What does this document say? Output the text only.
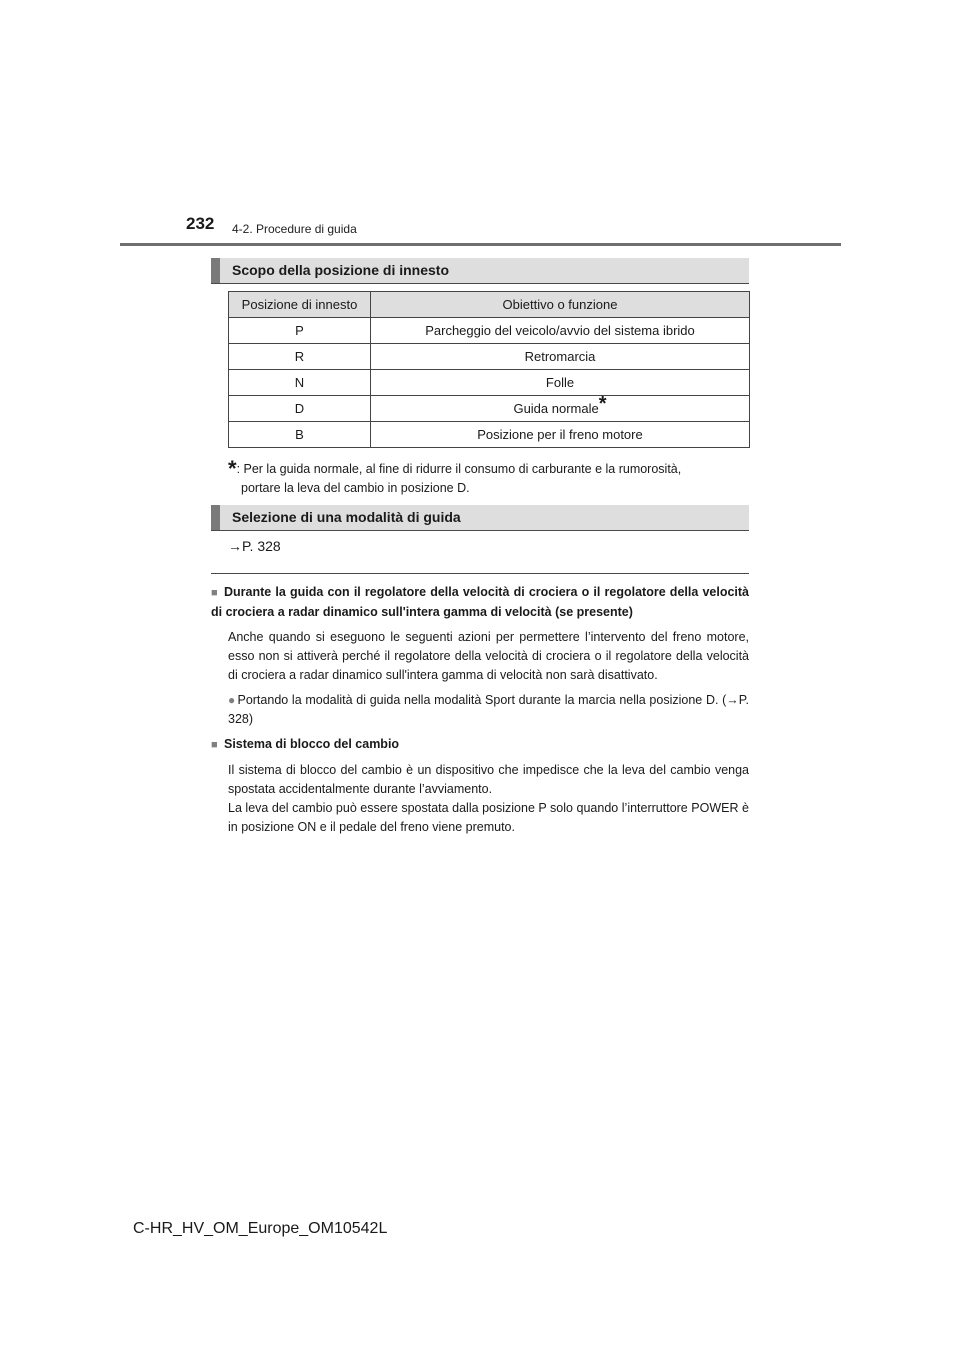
232 4-2. Procedure di guida
Scopo della posizione di innesto
Posizione di innesto	Obiettivo o funzione
P	Parcheggio del veicolo/avvio del sistema ibrido
R	Retromarcia
N	Folle
D	Guida normale*
B	Posizione per il freno motore
*: Per la guida normale, al fine di ridurre il consumo di carburante e la rumorosità,
portare la leva del cambio in posizione D.
Selezione di una modalità di guida
→P. 328
■ Durante la guida con il regolatore della velocità di crociera o il regolatore della velocità di crociera a radar dinamico sull'intera gamma di velocità (se presente)

Anche quando si eseguono le seguenti azioni per permettere l’intervento del freno motore, esso non si attiverà perché il regolatore della velocità di crociera o il regolatore della velocità di crociera a radar dinamico sull'intera gamma di velocità non sarà disattivato.

● Portando la modalità di guida nella modalità Sport durante la marcia nella posizione D. (→P. 328)
■ Sistema di blocco del cambio

Il sistema di blocco del cambio è un dispositivo che impedisce che la leva del cambio venga spostata accidentalmente durante l’avviamento.

La leva del cambio può essere spostata dalla posizione P solo quando l’interruttore POWER è in posizione ON e il pedale del freno viene premuto.

C-HR_HV_OM_Europe_OM10542L
